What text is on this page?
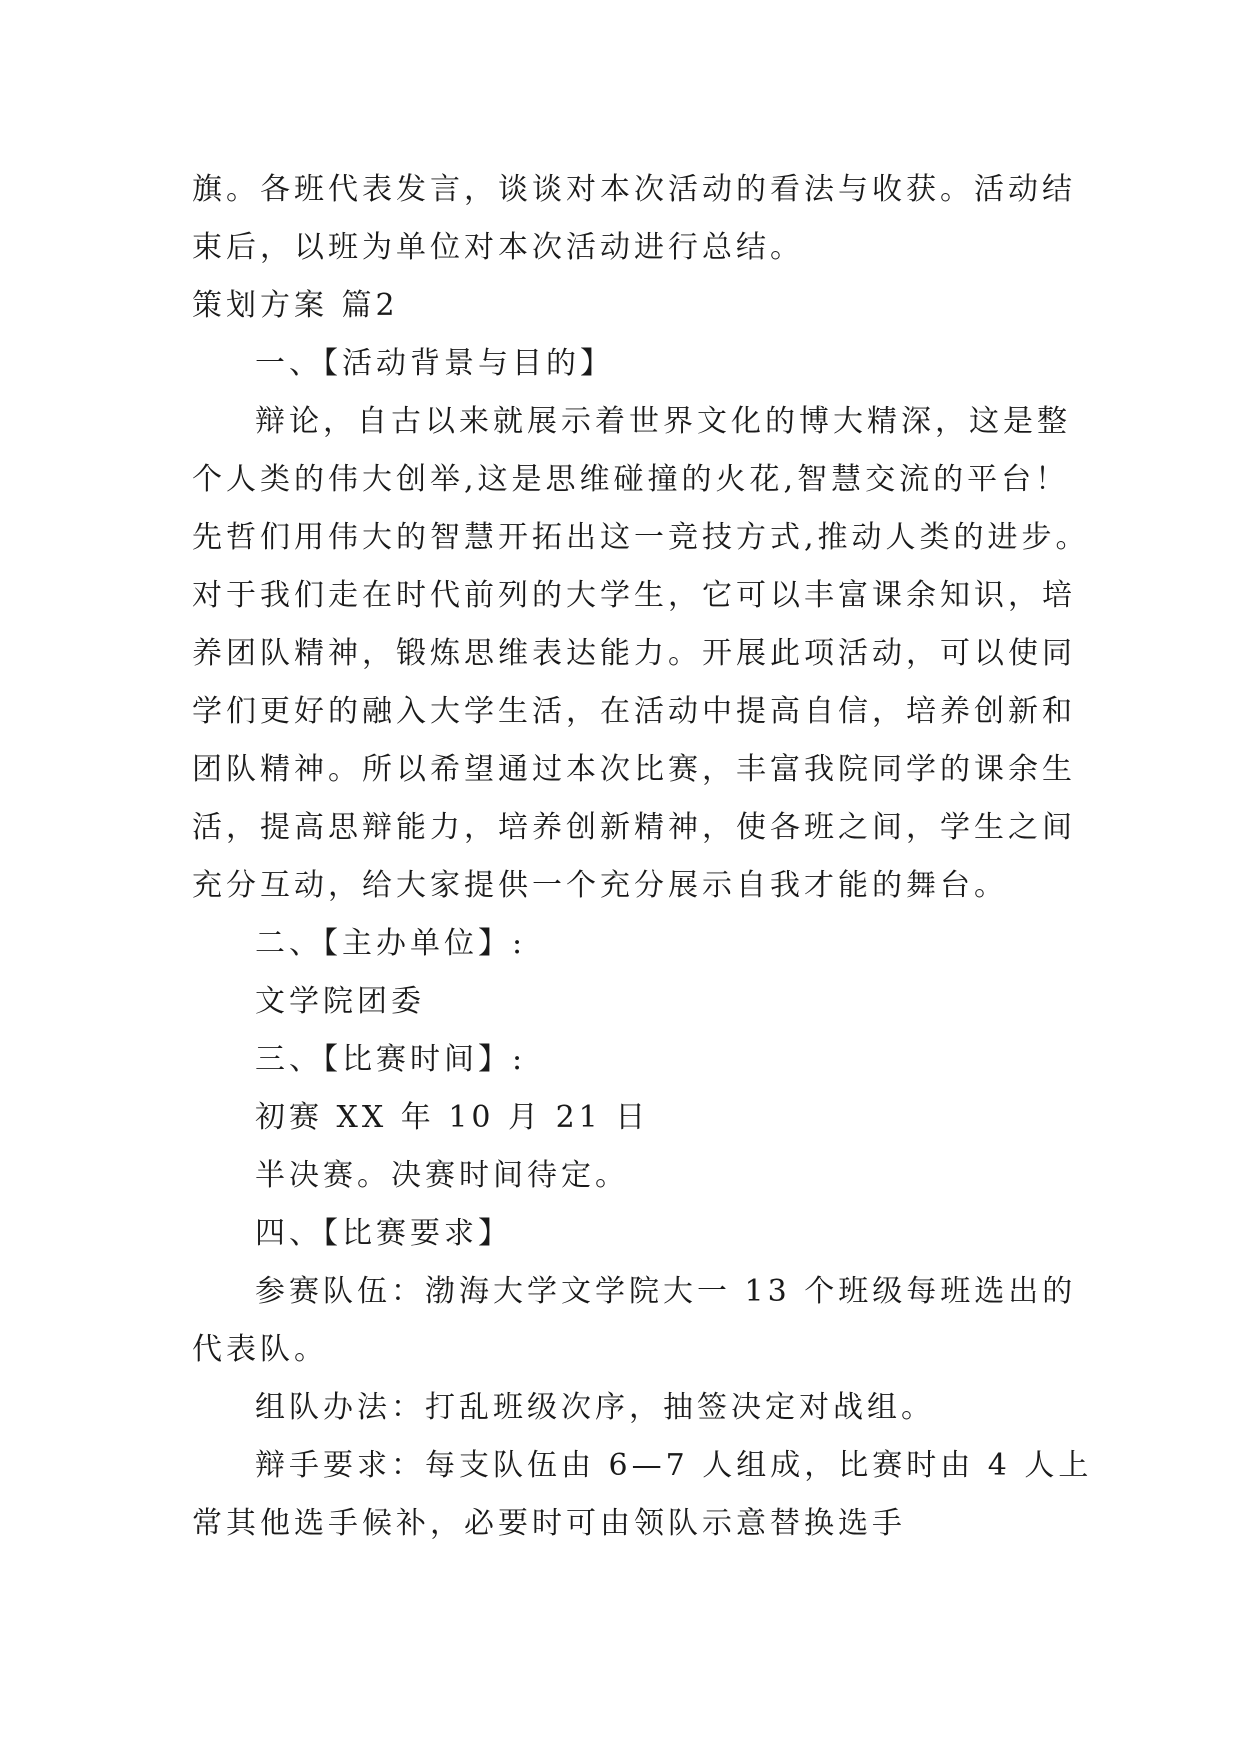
旗。各班代表发言，谈谈对本次活动的看法与收获。活动结
束后，以班为单位对本次活动进行总结。
策划方案 篇2
一、【活动背景与目的】
辩论，自古以来就展示着世界文化的博大精深，这是整
个人类的伟大创举,这是思维碰撞的火花,智慧交流的平台！
先哲们用伟大的智慧开拓出这一竞技方式,推动人类的进步。
对于我们走在时代前列的大学生，它可以丰富课余知识，培
养团队精神，锻炼思维表达能力。开展此项活动，可以使同
学们更好的融入大学生活，在活动中提高自信，培养创新和
团队精神。所以希望通过本次比赛，丰富我院同学的课余生
活，提高思辩能力，培养创新精神，使各班之间，学生之间
充分互动，给大家提供一个充分展示自我才能的舞台。
二、【主办单位】:
文学院团委
三、【比赛时间】:
初赛 XX 年 10 月 21 日
半决赛。决赛时间待定。
四、【比赛要求】
参赛队伍：渤海大学文学院大一 13 个班级每班选出的
代表队。
组队办法：打乱班级次序，抽签决定对战组。
辩手要求：每支队伍由 6—7 人组成，比赛时由 4 人上
常其他选手候补，必要时可由领队示意替换选手
